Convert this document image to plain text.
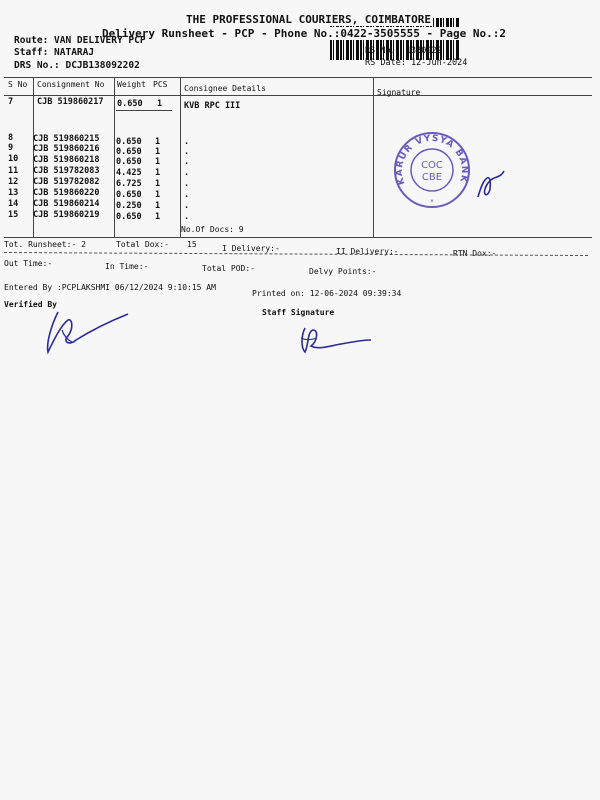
THE PROFESSIONAL COURIERS, COIMBATORE
Delivery Runsheet - PCP - Phone No.:0422-3505555 - Page No.:2
Route: VAN DELIVERY PCP
Staff: NATARAJ
DRS No.: DCJB138092202
RS No.: 1380922
RS Date: 12-Jun-2024
S No Consignment No Weight PCS Consignee Details	Signature
7	CJB 519860217 0.650 1	KVB RPC III
8 CJB 519860215 0.650 1	.
9 CJB 519860216 0.650 1	.
10 CJB 519860218 0.650 1	.
11 CJB 519782083 4.425 1	.
12 CJB 519782082 6.725 1	.
13 CJB 519860220 0.650 1	.
14 CJB 519860214 0.250 1	.
15 CJB 519860219 0.650 1	.
No.Of Docs: 9
KARUR VYSYA BANK
COC
CBE
*
Tot. Runsheet:- 2	Total Dox:- 15	I Delivery:-	II Delivery:-	RTN Dox:-
Out Time:-	In Time:-	Total POD:-	Delvy Points:-
Entered By :PCPLAKSHMI 06/12/2024 9:10:15 AM
Printed on: 12-06-2024 09:39:34
Verified By
Staff Signature
